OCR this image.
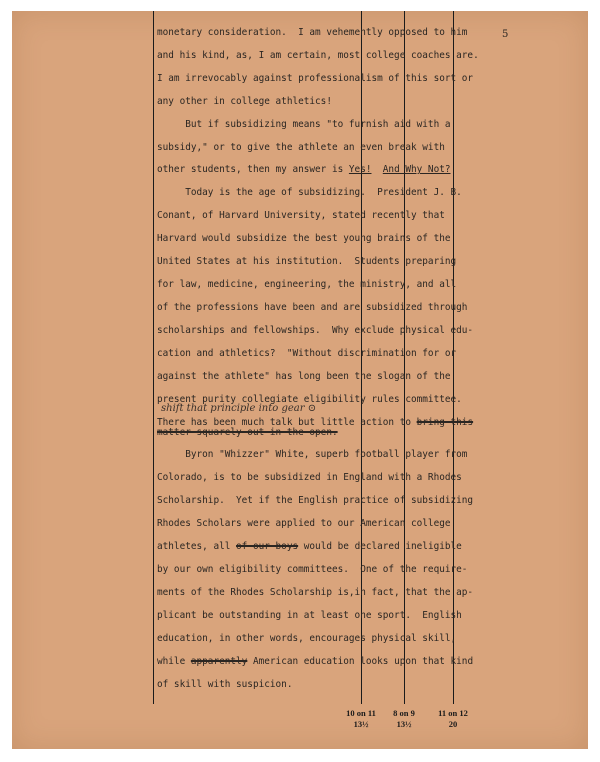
5
monetary consideration.  I am vehemently opposed to him
and his kind, as, I am certain, most college coaches are.
I am irrevocably against professionalism of this sort or
any other in college athletics!
But if subsidizing means "to furnish aid with a
subsidy," or to give the athlete an even break with
other students, then my answer is Yes! And Why Not?
Today is the age of subsidizing.  President J. B.
Conant, of Harvard University, stated recently that
Harvard would subsidize the best young brains of the
United States at his institution.  Students preparing
for law, medicine, engineering, the ministry, and all
of the professions have been and are subsidized through
scholarships and fellowships.  Why exclude physical edu-
cation and athletics?  "Without discrimination for or
against the athlete" has long been the slogan of the
present purity collegiate eligibility rules committee.
There has been much talk but little action to bring this
shift that principle into gear ⊙
matter squarely out in the open.
Byron "Whizzer" White, superb football player from
Colorado, is to be subsidized in England with a Rhodes
Scholarship.  Yet if the English practice of subsidizing
Rhodes Scholars were applied to our American college
athletes, all of our boys would be declared ineligible
by our own eligibility committees.  One of the require-
ments of the Rhodes Scholarship is,in fact, that the ap-
plicant be outstanding in at least one sport.  English
education, in other words, encourages physical skill,
while apparently American education looks upon that kind
of skill with suspicion.
10 on 11
13½
8 on 9
13½
11 on 12
20
